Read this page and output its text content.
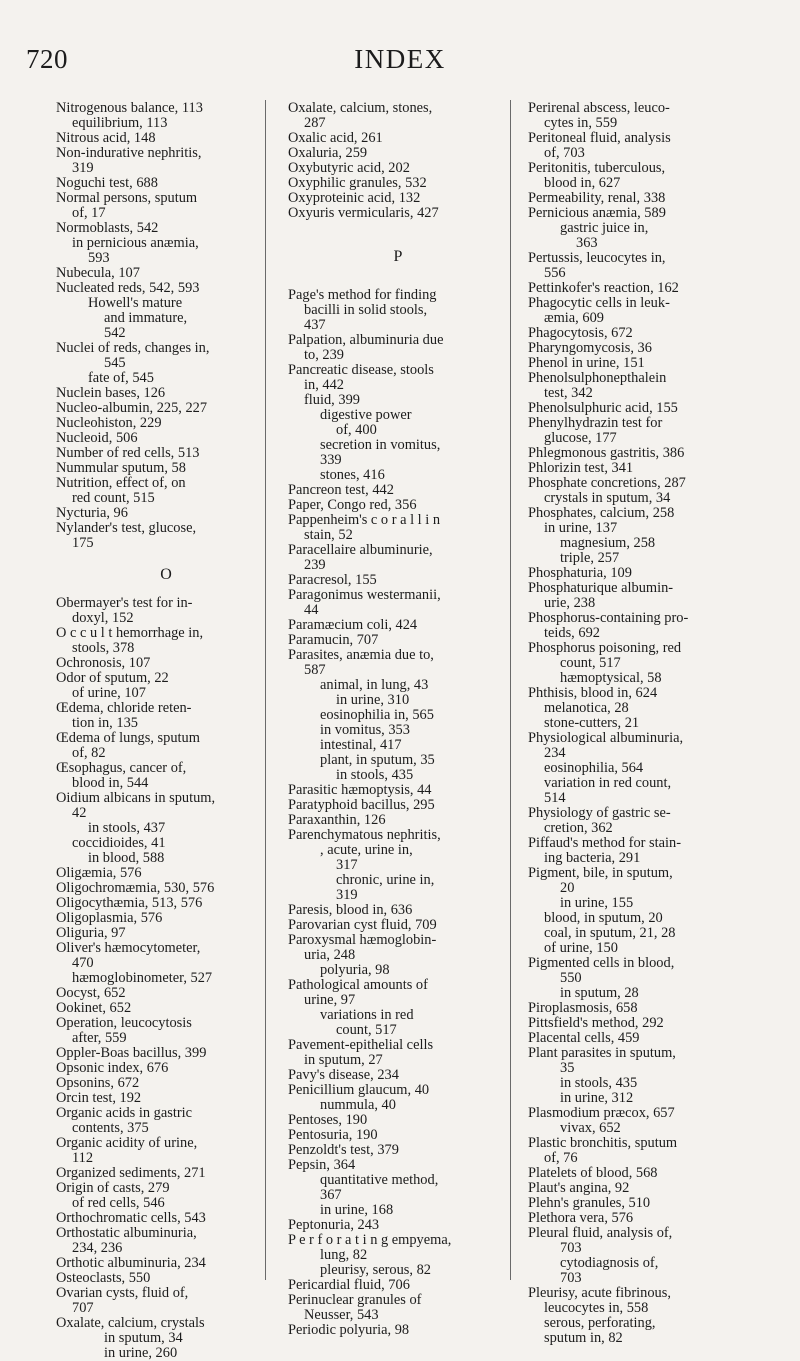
720	INDEX
Nitrogenous balance, 113
equilibrium, 113
Nitrous acid, 148
Non-indurative nephritis,
319
Noguchi test, 688
Normal persons, sputum
of, 17
Normoblasts, 542
in pernicious anæmia,
593
Nubecula, 107
Nucleated reds, 542, 593
Howell's mature
and immature,
542
Nuclei of reds, changes in,
545
fate of, 545
Nuclein bases, 126
Nucleo-albumin, 225, 227
Nucleohiston, 229
Nucleoid, 506
Number of red cells, 513
Nummular sputum, 58
Nutrition, effect of, on
red count, 515
Nycturia, 96
Nylander's test, glucose,
175
O
Obermayer's test for in-
doxyl, 152
O c c u l t hemorrhage in,
stools, 378
Ochronosis, 107
Odor of sputum, 22
of urine, 107
Œdema, chloride reten-
tion in, 135
Œdema of lungs, sputum
of, 82
Œsophagus, cancer of,
blood in, 544
Oidium albicans in sputum,
42
in stools, 437
coccidioides, 41
in blood, 588
Oligæmia, 576
Oligochromæmia, 530, 576
Oligocythæmia, 513, 576
Oligoplasmia, 576
Oliguria, 97
Oliver's hæmocytometer,
470
hæmoglobinometer, 527
Oocyst, 652
Ookinet, 652
Operation, leucocytosis
after, 559
Oppler-Boas bacillus, 399
Opsonic index, 676
Opsonins, 672
Orcin test, 192
Organic acids in gastric
contents, 375
Organic acidity of urine,
112
Organized sediments, 271
Origin of casts, 279
of red cells, 546
Orthochromatic cells, 543
Orthostatic albuminuria,
234, 236
Orthotic albuminuria, 234
Osteoclasts, 550
Ovarian cysts, fluid of,
707
Oxalate, calcium, crystals
in sputum, 34
in urine, 260
Oxalate, calcium, stones,
287
Oxalic acid, 261
Oxaluria, 259
Oxybutyric acid, 202
Oxyphilic granules, 532
Oxyproteinic acid, 132
Oxyuris vermicularis, 427
P
Page's method for finding
bacilli in solid stools,
437
Palpation, albuminuria due
to, 239
Pancreatic disease, stools
in, 442
fluid, 399
digestive power
of, 400
secretion in vomitus,
339
stones, 416
Pancreon test, 442
Paper, Congo red, 356
Pappenheim's c o r a l l i n
stain, 52
Paracellaire albuminurie,
239
Paracresol, 155
Paragonimus westermanii,
44
Paramæcium coli, 424
Paramucin, 707
Parasites, anæmia due to,
587
animal, in lung, 43
in urine, 310
eosinophilia in, 565
in vomitus, 353
intestinal, 417
plant, in sputum, 35
in stools, 435
Parasitic hæmoptysis, 44
Paratyphoid bacillus, 295
Paraxanthin, 126
Parenchymatous nephritis,
, acute, urine in,
317
chronic, urine in,
319
Paresis, blood in, 636
Parovarian cyst fluid, 709
Paroxysmal hæmoglobin-
uria, 248
polyuria, 98
Pathological amounts of
urine, 97
variations in red
count, 517
Pavement-epithelial cells
in sputum, 27
Pavy's disease, 234
Penicillium glaucum, 40
nummula, 40
Pentoses, 190
Pentosuria, 190
Penzoldt's test, 379
Pepsin, 364
quantitative method,
367
in urine, 168
Peptonuria, 243
P e r f o r a t i n g empyema,
lung, 82
pleurisy, serous, 82
Pericardial fluid, 706
Perinuclear granules of
Neusser, 543
Periodic polyuria, 98
Perirenal abscess, leuco-
cytes in, 559
Peritoneal fluid, analysis
of, 703
Peritonitis, tuberculous,
blood in, 627
Permeability, renal, 338
Pernicious anæmia, 589
gastric juice in,
363
Pertussis, leucocytes in,
556
Pettinkofer's reaction, 162
Phagocytic cells in leuk-
æmia, 609
Phagocytosis, 672
Pharyngomycosis, 36
Phenol in urine, 151
Phenolsulphonepthalein
test, 342
Phenolsulphuric acid, 155
Phenylhydrazin test for
glucose, 177
Phlegmonous gastritis, 386
Phlorizin test, 341
Phosphate concretions, 287
crystals in sputum, 34
Phosphates, calcium, 258
in urine, 137
magnesium, 258
triple, 257
Phosphaturia, 109
Phosphaturique albumin-
urie, 238
Phosphorus-containing pro-
teids, 692
Phosphorus poisoning, red
count, 517
hæmoptysical, 58
Phthisis, blood in, 624
melanotica, 28
stone-cutters, 21
Physiological albuminuria,
234
eosinophilia, 564
variation in red count,
514
Physiology of gastric se-
cretion, 362
Piffaud's method for stain-
ing bacteria, 291
Pigment, bile, in sputum,
20
in urine, 155
blood, in sputum, 20
coal, in sputum, 21, 28
of urine, 150
Pigmented cells in blood,
550
in sputum, 28
Piroplasmosis, 658
Pittsfield's method, 292
Placental cells, 459
Plant parasites in sputum,
35
in stools, 435
in urine, 312
Plasmodium præcox, 657
vivax, 652
Plastic bronchitis, sputum
of, 76
Platelets of blood, 568
Plaut's angina, 92
Plehn's granules, 510
Plethora vera, 576
Pleural fluid, analysis of,
703
cytodiagnosis of,
703
Pleurisy, acute fibrinous,
leucocytes in, 558
serous, perforating,
sputum in, 82
